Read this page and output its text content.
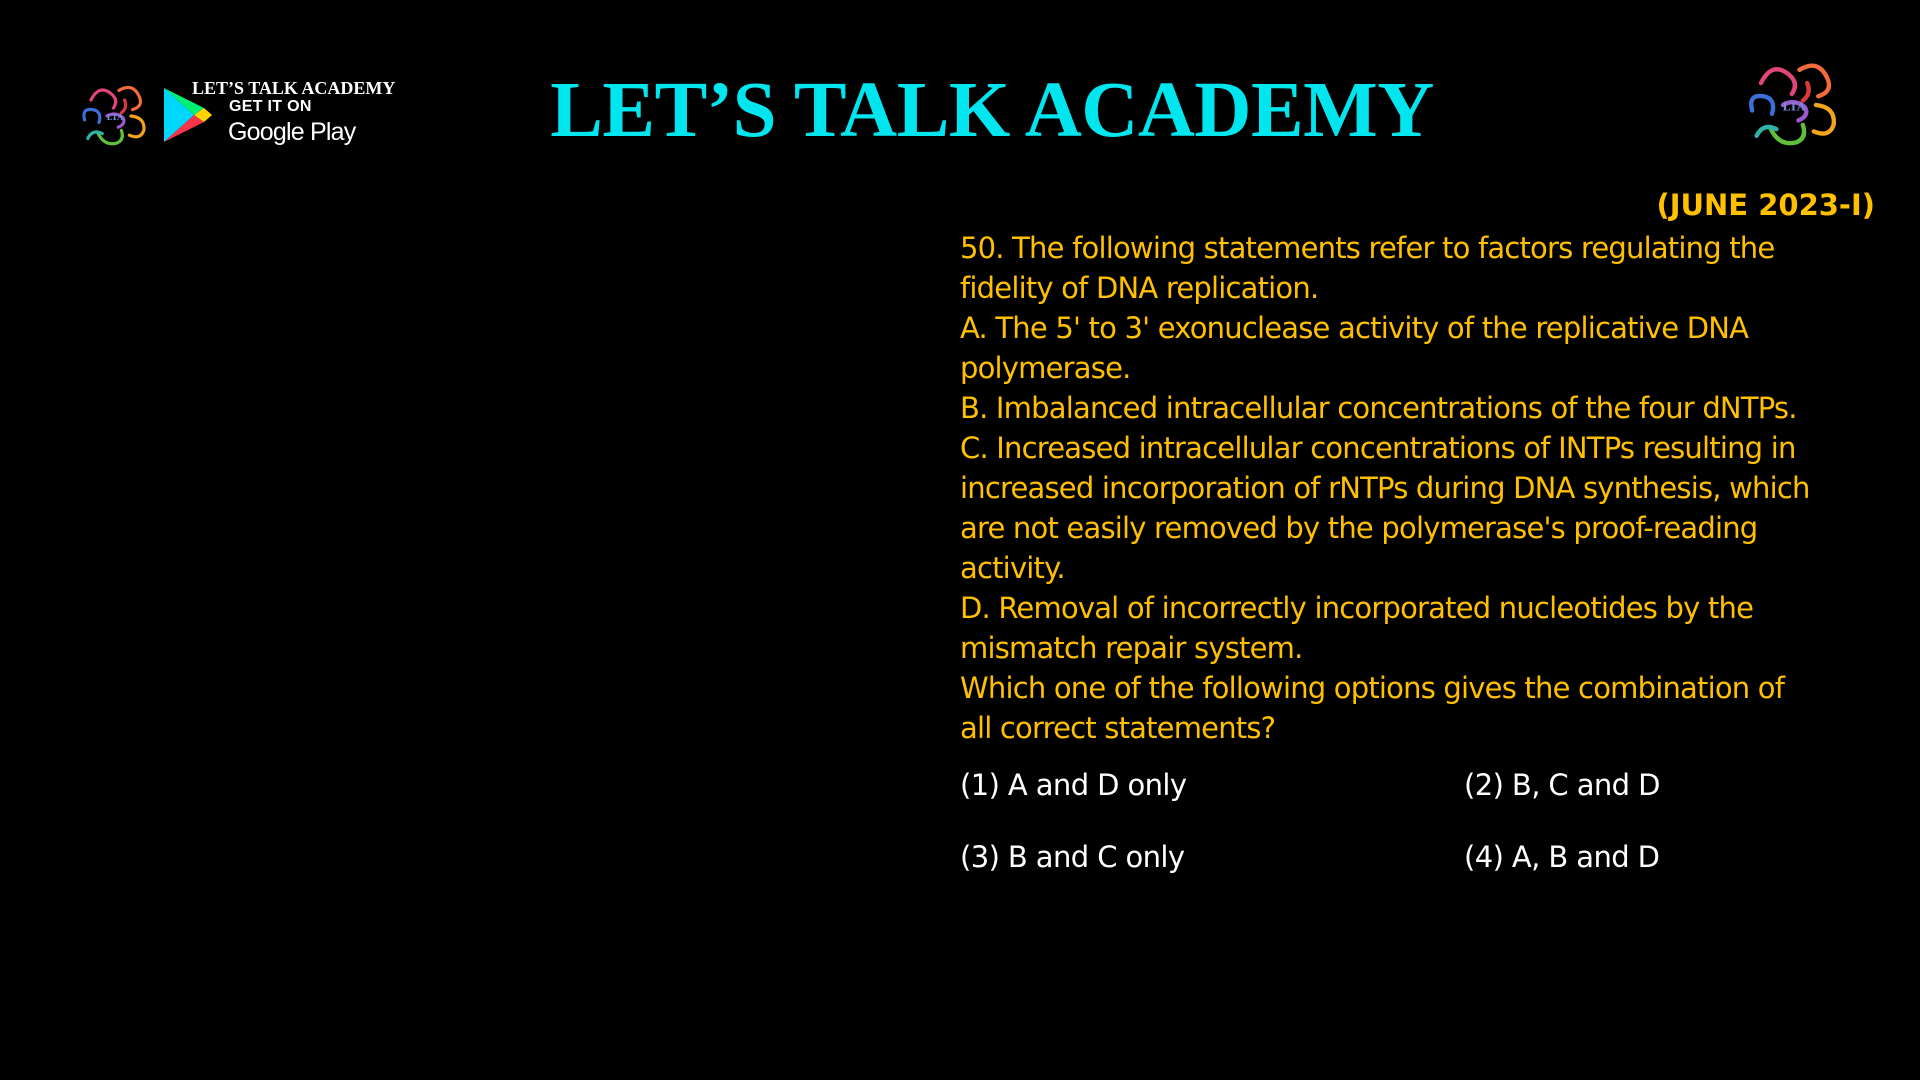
LTA
LET’S TALK ACADEMY
GET IT ON
Google Play	LET’S TALK ACADEMY	LTA
(JUNE 2023-I)
50. The following statements refer to factors regulating the
fidelity of DNA replication.
A. The 5' to 3' exonuclease activity of the replicative DNA
polymerase.
B. Imbalanced intracellular concentrations of the four dNTPs.
C. Increased intracellular concentrations of INTPs resulting in
increased incorporation of rNTPs during DNA synthesis, which
are not easily removed by the polymerase's proof-reading
activity.
D. Removal of incorrectly incorporated nucleotides by the
mismatch repair system.
Which one of the following options gives the combination of
all correct statements?
(1) A and D only	(2) B, C and D
(3) B and C only	(4) A, B and D
